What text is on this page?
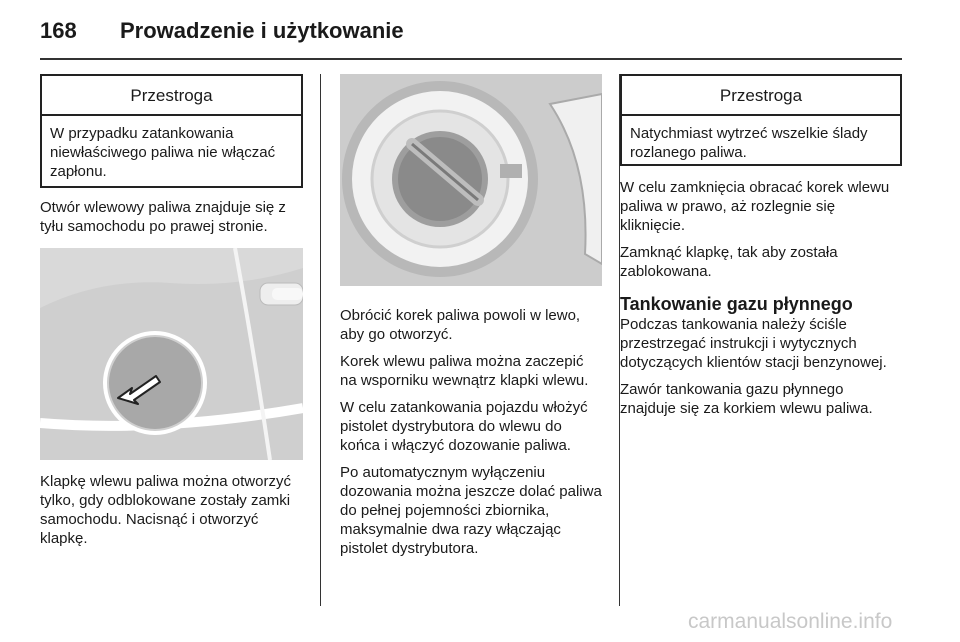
168 Prowadzenie i użytkowanie
Przestroga
W przypadku zatankowania niewłaściwego paliwa nie włączać zapłonu.

Otwór wlewowy paliwa znajduje się z tyłu samochodu po prawej stronie.

Klapkę wlewu paliwa można otworzyć tylko, gdy odblokowane zostały zamki samochodu. Nacisnąć i otworzyć klapkę.

Obrócić korek paliwa powoli w lewo, aby go otworzyć.

Korek wlewu paliwa można zaczepić na wsporniku wewnątrz klapki wlewu.

W celu zatankowania pojazdu włożyć pistolet dystrybutora do wlewu do końca i włączyć dozowanie paliwa.

Po automatycznym wyłączeniu dozowania można jeszcze dolać paliwa do pełnej pojemności zbiornika, maksymalnie dwa razy włączając pistolet dystrybutora.

Przestroga
Natychmiast wytrzeć wszelkie ślady rozlanego paliwa.

W celu zamknięcia obracać korek wlewu paliwa w prawo, aż rozlegnie się kliknięcie.

Zamknąć klapkę, tak aby została zablokowana.

Tankowanie gazu płynnego

Podczas tankowania należy ściśle przestrzegać instrukcji i wytycznych dotyczących klientów stacji benzynowej.

Zawór tankowania gazu płynnego znajduje się za korkiem wlewu paliwa.

carmanualsonline.info
